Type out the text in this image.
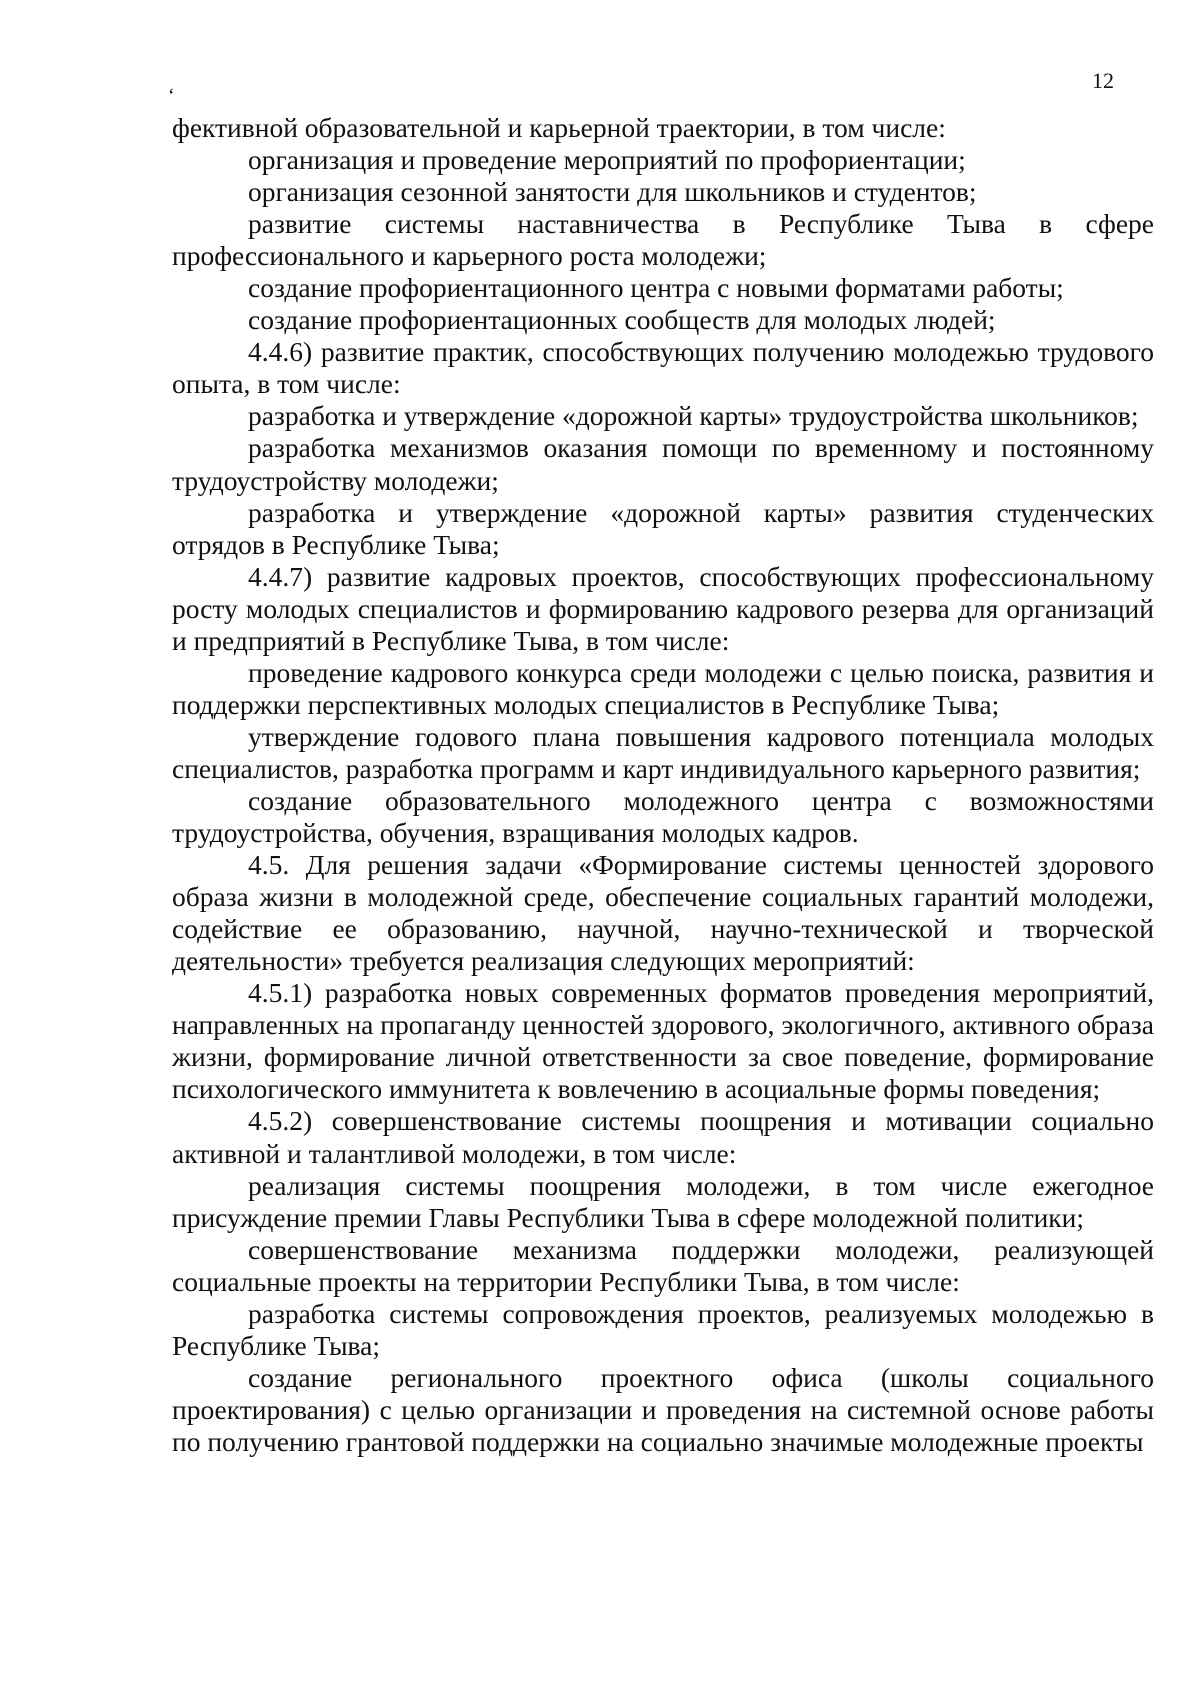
ʻ
12

фективной образовательной и карьерной траектории, в том числе:

организация и проведение мероприятий по профориентации;

организация сезонной занятости для школьников и студентов;

развитие системы наставничества в Республике Тыва в сфере профессионального и карьерного роста молодежи;

создание профориентационного центра с новыми форматами работы;

создание профориентационных сообществ для молодых людей;

4.4.6) развитие практик, способствующих получению молодежью трудового опыта, в том числе:

разработка и утверждение «дорожной карты» трудоустройства школьников;

разработка механизмов оказания помощи по временному и постоянному трудоустройству молодежи;

разработка и утверждение «дорожной карты» развития студенческих отрядов в Республике Тыва;

4.4.7) развитие кадровых проектов, способствующих профессиональному росту молодых специалистов и формированию кадрового резерва для организаций и предприятий в Республике Тыва, в том числе:

проведение кадрового конкурса среди молодежи с целью поиска, развития и поддержки перспективных молодых специалистов в Республике Тыва;

утверждение годового плана повышения кадрового потенциала молодых специалистов, разработка программ и карт индивидуального карьерного развития;

создание образовательного молодежного центра с возможностями трудоустройства, обучения, взращивания молодых кадров.

4.5. Для решения задачи «Формирование системы ценностей здорового образа жизни в молодежной среде, обеспечение социальных гарантий молодежи, содействие ее образованию, научной, научно-технической и творческой деятельности» требуется реализация следующих мероприятий:

4.5.1) разработка новых современных форматов проведения мероприятий, направленных на пропаганду ценностей здорового, экологичного, активного образа жизни, формирование личной ответственности за свое поведение, формирование психологического иммунитета к вовлечению в асоциальные формы поведения;

4.5.2) совершенствование системы поощрения и мотивации социально активной и талантливой молодежи, в том числе:

реализация системы поощрения молодежи, в том числе ежегодное присуждение премии Главы Республики Тыва в сфере молодежной политики;

совершенствование механизма поддержки молодежи, реализующей социальные проекты на территории Республики Тыва, в том числе:

разработка системы сопровождения проектов, реализуемых молодежью в Республике Тыва;

создание регионального проектного офиса (школы социального проектирования) с целью организации и проведения на системной основе работы по получению грантовой поддержки на социально значимые молодежные проекты
